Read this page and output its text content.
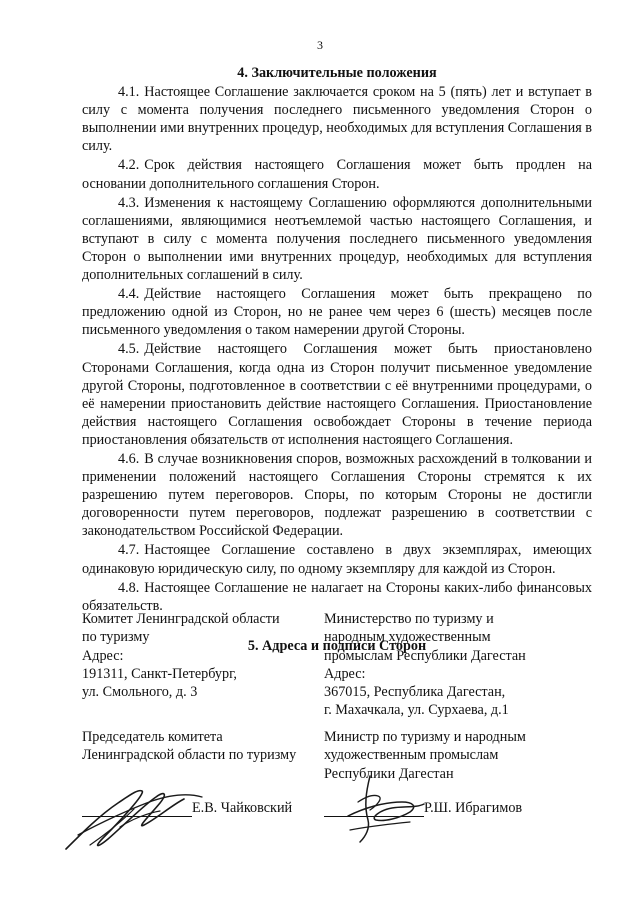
3
4. Заключительные положения

4.1. Настоящее Соглашение заключается сроком на 5 (пять) лет и вступает в силу с момента получения последнего письменного уведомления Сторон о выполнении ими внутренних процедур, необходимых для вступления Соглашения в силу.

4.2. Срок действия настоящего Соглашения может быть продлен на основании дополнительного соглашения Сторон.

4.3. Изменения к настоящему Соглашению оформляются дополнительными соглашениями, являющимися неотъемлемой частью настоящего Соглашения, и вступают в силу с момента получения последнего письменного уведомления Сторон о выполнении ими внутренних процедур, необходимых для вступления дополнительных соглашений в силу.

4.4. Действие настоящего Соглашения может быть прекращено по предложению одной из Сторон, но не ранее чем через 6 (шесть) месяцев после письменного уведомления о таком намерении другой Стороны.

4.5. Действие настоящего Соглашения может быть приостановлено Сторонами Соглашения, когда одна из Сторон получит письменное уведомление другой Стороны, подготовленное в соответствии с её внутренними процедурами, о её намерении приостановить действие настоящего Соглашения. Приостановление действия настоящего Соглашения освобождает Стороны в течение периода приостановления обязательств от исполнения настоящего Соглашения.

4.6. В случае возникновения споров, возможных расхождений в толковании и применении положений настоящего Соглашения Стороны стремятся к их разрешению путем переговоров. Споры, по которым Стороны не достигли договоренности путем переговоров, подлежат разрешению в соответствии с законодательством Российской Федерации.

4.7. Настоящее Соглашение составлено в двух экземплярах, имеющих одинаковую юридическую силу, по одному экземпляру для каждой из Сторон.

4.8. Настоящее Соглашение не налагает на Стороны каких-либо финансовых обязательств.

5. Адреса и подписи Сторон
Комитет Ленинградской области
по туризму
Адрес:
191311, Санкт-Петербург,
ул. Смольного, д. 3
Министерство по туризму и
народным художественным
промыслам Республики Дагестан
Адрес:
367015, Республика Дагестан,
г. Махачкала, ул. Сурхаева, д.1
Председатель комитета
Ленинградской области по туризму
Министр по туризму и народным
художественным промыслам
Республики Дагестан
Е.В. Чайковский	Р.Ш. Ибрагимов
